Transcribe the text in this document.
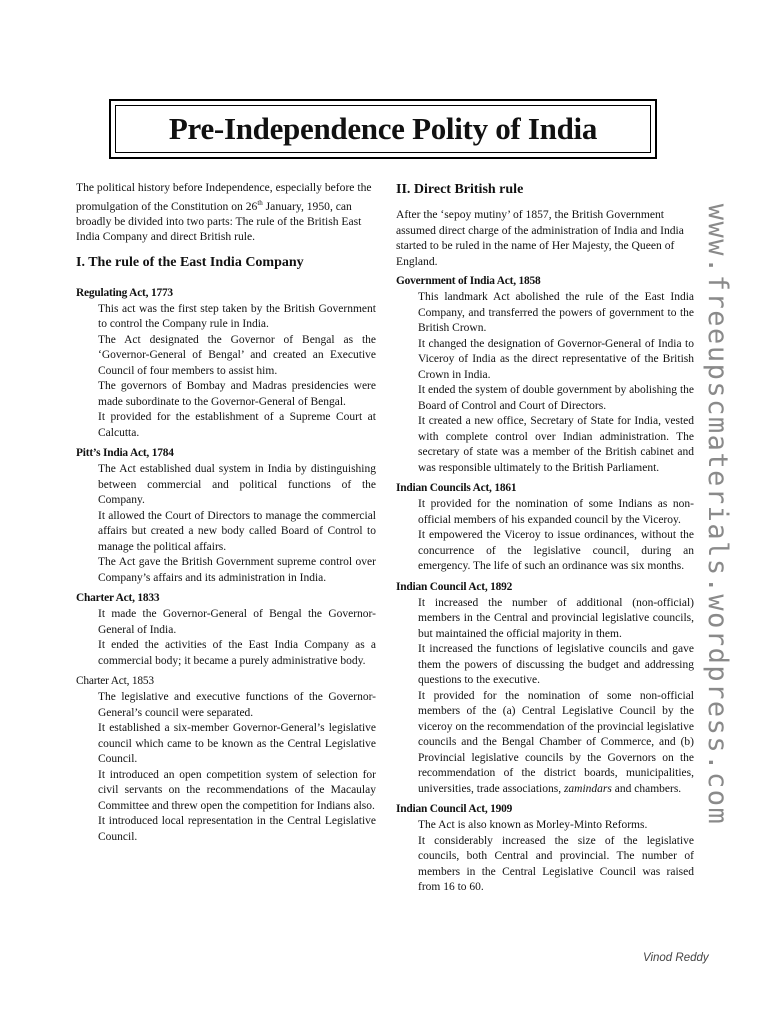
Pre-Independence Polity of India

The political history before Independence, especially before the promulgation of the Constitution on 26th January, 1950, can broadly be divided into two parts: The rule of the British East India Company and direct British rule.

I. The rule of the East India Company
Regulating Act, 1773
This act was the first step taken by the British Government to control the Company rule in India.
The Act designated the Governor of Bengal as the ‘Governor-General of Bengal’ and created an Executive Council of four members to assist him.
The governors of Bombay and Madras presidencies were made subordinate to the Governor-General of Bengal.
It provided for the establishment of a Supreme Court at Calcutta.
Pitt’s India Act, 1784
The Act established dual system in India by distinguishing between commercial and political functions of the Company.
It allowed the Court of Directors to manage the commercial affairs but created a new body called Board of Control to manage the political affairs.
The Act gave the British Government supreme control over Company’s affairs and its administration in India.
Charter Act, 1833
It made the Governor-General of Bengal the Governor-General of India.
It ended the activities of the East India Company as a commercial body; it became a purely administrative body.
Charter Act, 1853
The legislative and executive functions of the Governor-General’s council were separated.
It established a six-member Governor-General’s legislative council which came to be known as the Central Legislative Council.
It introduced an open competition system of selection for civil servants on the recommendations of the Macaulay Committee and threw open the competition for Indians also.
It introduced local representation in the Central Legislative Council.
II. Direct British rule

After the ‘sepoy mutiny’ of 1857, the British Government assumed direct charge of the administration of India and India started to be ruled in the name of Her Majesty, the Queen of England.

Government of India Act, 1858
This landmark Act abolished the rule of the East India Company, and transferred the powers of government to the British Crown.
It changed the designation of Governor-General of India to Viceroy of India as the direct representative of the British Crown in India.
It ended the system of double government by abolishing the Board of Control and Court of Directors.
It created a new office, Secretary of State for India, vested with complete control over Indian administration. The secretary of state was a member of the British cabinet and was responsible ultimately to the British Parliament.
Indian Councils Act, 1861
It provided for the nomination of some Indians as non-official members of his expanded council by the Viceroy.
It empowered the Viceroy to issue ordinances, without the concurrence of the legislative council, during an emergency. The life of such an ordinance was six months.
Indian Council Act, 1892
It increased the number of additional (non-official) members in the Central and provincial legislative councils, but maintained the official majority in them.
It increased the functions of legislative councils and gave them the powers of discussing the budget and addressing questions to the executive.
It provided for the nomination of some non-official members of the (a) Central Legislative Council by the viceroy on the recommendation of the provincial legislative councils and the Bengal Chamber of Commerce, and (b) Provincial legislative councils by the Governors on the recommendation of the district boards, municipalities, universities, trade associations, zamindars and chambers.
Indian Council Act, 1909
The Act is also known as Morley-Minto Reforms.
It considerably increased the size of the legislative councils, both Central and provincial. The number of members in the Central Legislative Council was raised from 16 to 60.
www.freeupscmaterials.wordpress.com
Vinod Reddy
